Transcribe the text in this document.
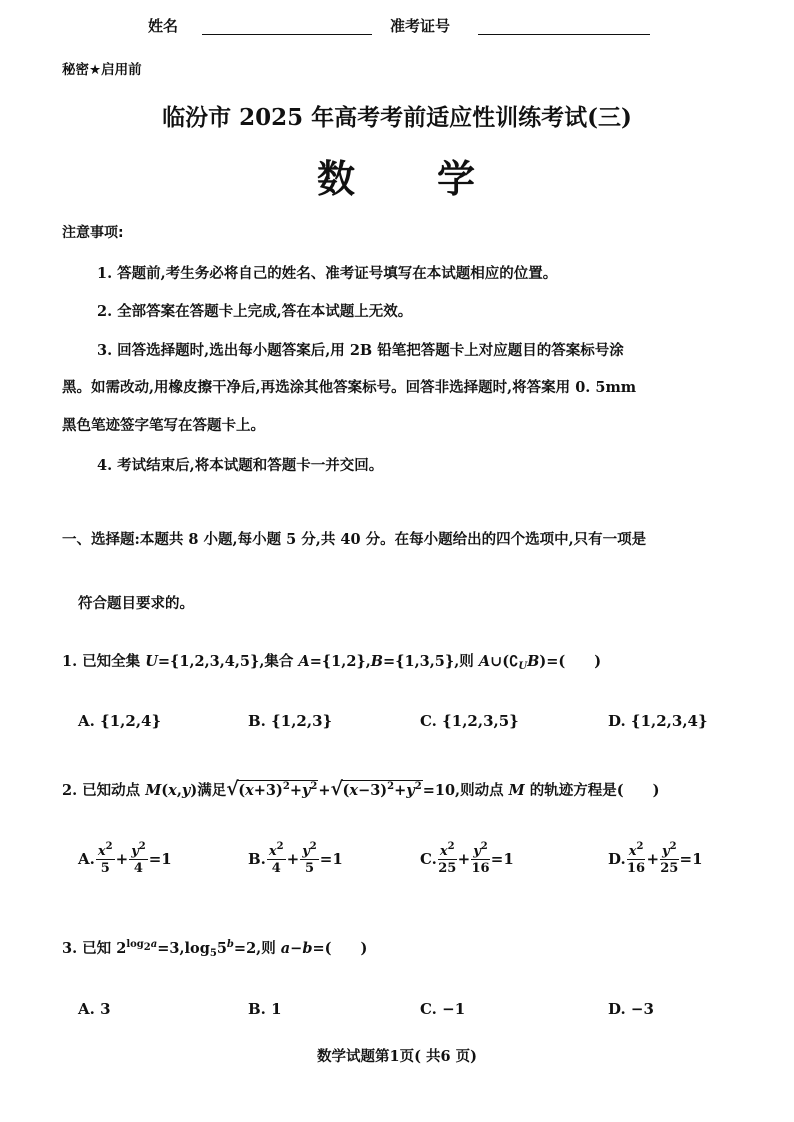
姓名	准考证号
秘密★启用前
临汾市 2025 年高考考前适应性训练考试(三)
数　　学
注意事项:
1. 答题前,考生务必将自己的姓名、准考证号填写在本试题相应的位置。
2. 全部答案在答题卡上完成,答在本试题上无效。
3. 回答选择题时,选出每小题答案后,用 2B 铅笔把答题卡上对应题目的答案标号涂
黑。如需改动,用橡皮擦干净后,再选涂其他答案标号。回答非选择题时,将答案用 0. 5mm
黑色笔迹签字笔写在答题卡上。
4. 考试结束后,将本试题和答题卡一并交回。
一、选择题:本题共 8 小题,每小题 5 分,共 40 分。在每小题给出的四个选项中,只有一项是
符合题目要求的。
1. 已知全集 U={1,2,3,4,5},集合 A={1,2},B={1,3,5},则 $A\cup(∁_UB)=$(　　)
A. {1,2,4}	B. {1,2,3}	C. {1,2,3,5}	D. {1,2,3,4}
2. 已知动点 M(x,y)满足 √ $(x+3)^2+y^2+$ √ $(x-3)^2+y^2=10$,则动点 M 的轨迹方程是(　　)
A. $\frac{x^2}{5} + \frac{y^2}{4} =1$	B. $\frac{x^2}{4} + \frac{y^2}{5} =1$	C. $\frac{x^2}{25} + \frac{y^2}{16} =1$	D. $\frac{x^2}{16} + \frac{y^2}{25} =1$
3. 已知 $2^{log_2a}=3,\log_55^b=2$,则 a−b=(　　)
A. 3	B. 1	C. −1	D. −3
数学试题第1页( 共6 页)
